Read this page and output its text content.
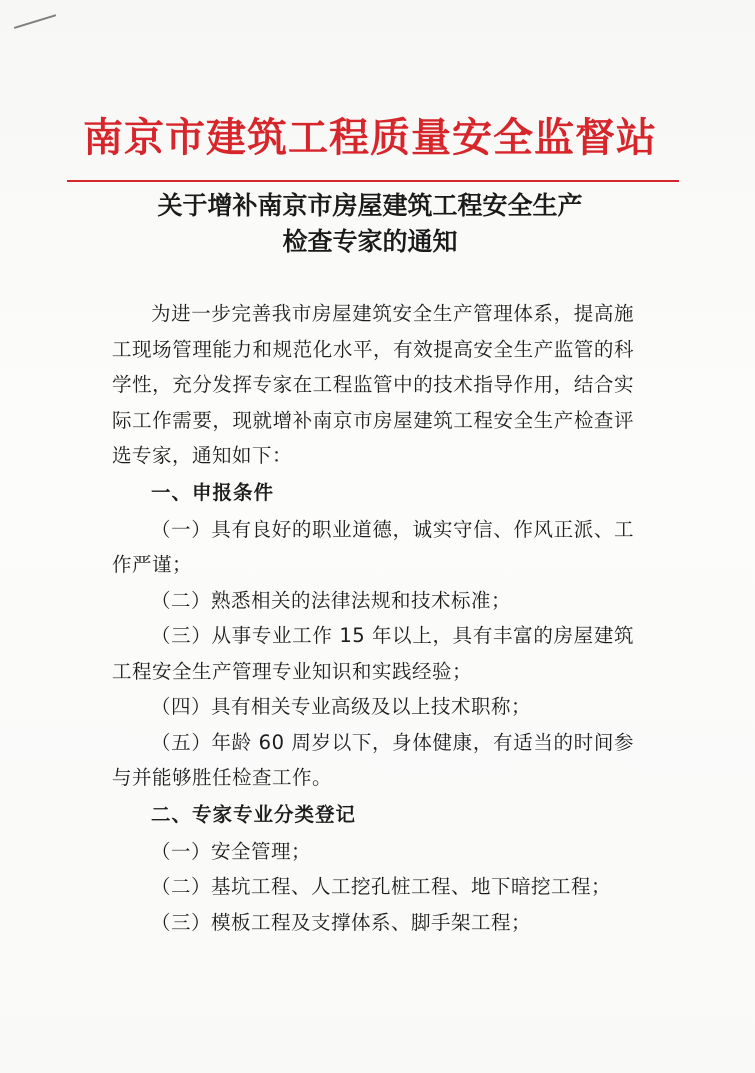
南京市建筑工程质量安全监督站
关于增补南京市房屋建筑工程安全生产
检查专家的通知

为进一步完善我市房屋建筑安全生产管理体系，提高施工现场管理能力和规范化水平，有效提高安全生产监管的科学性，充分发挥专家在工程监管中的技术指导作用，结合实际工作需要，现就增补南京市房屋建筑工程安全生产检查评选专家，通知如下：

一、申报条件

（一）具有良好的职业道德，诚实守信、作风正派、工作严谨；

（二）熟悉相关的法律法规和技术标准；

（三）从事专业工作 15 年以上，具有丰富的房屋建筑工程安全生产管理专业知识和实践经验；

（四）具有相关专业高级及以上技术职称；

（五）年龄 60 周岁以下，身体健康，有适当的时间参与并能够胜任检查工作。

二、专家专业分类登记

（一）安全管理；

（二）基坑工程、人工挖孔桩工程、地下暗挖工程；

（三）模板工程及支撑体系、脚手架工程；
